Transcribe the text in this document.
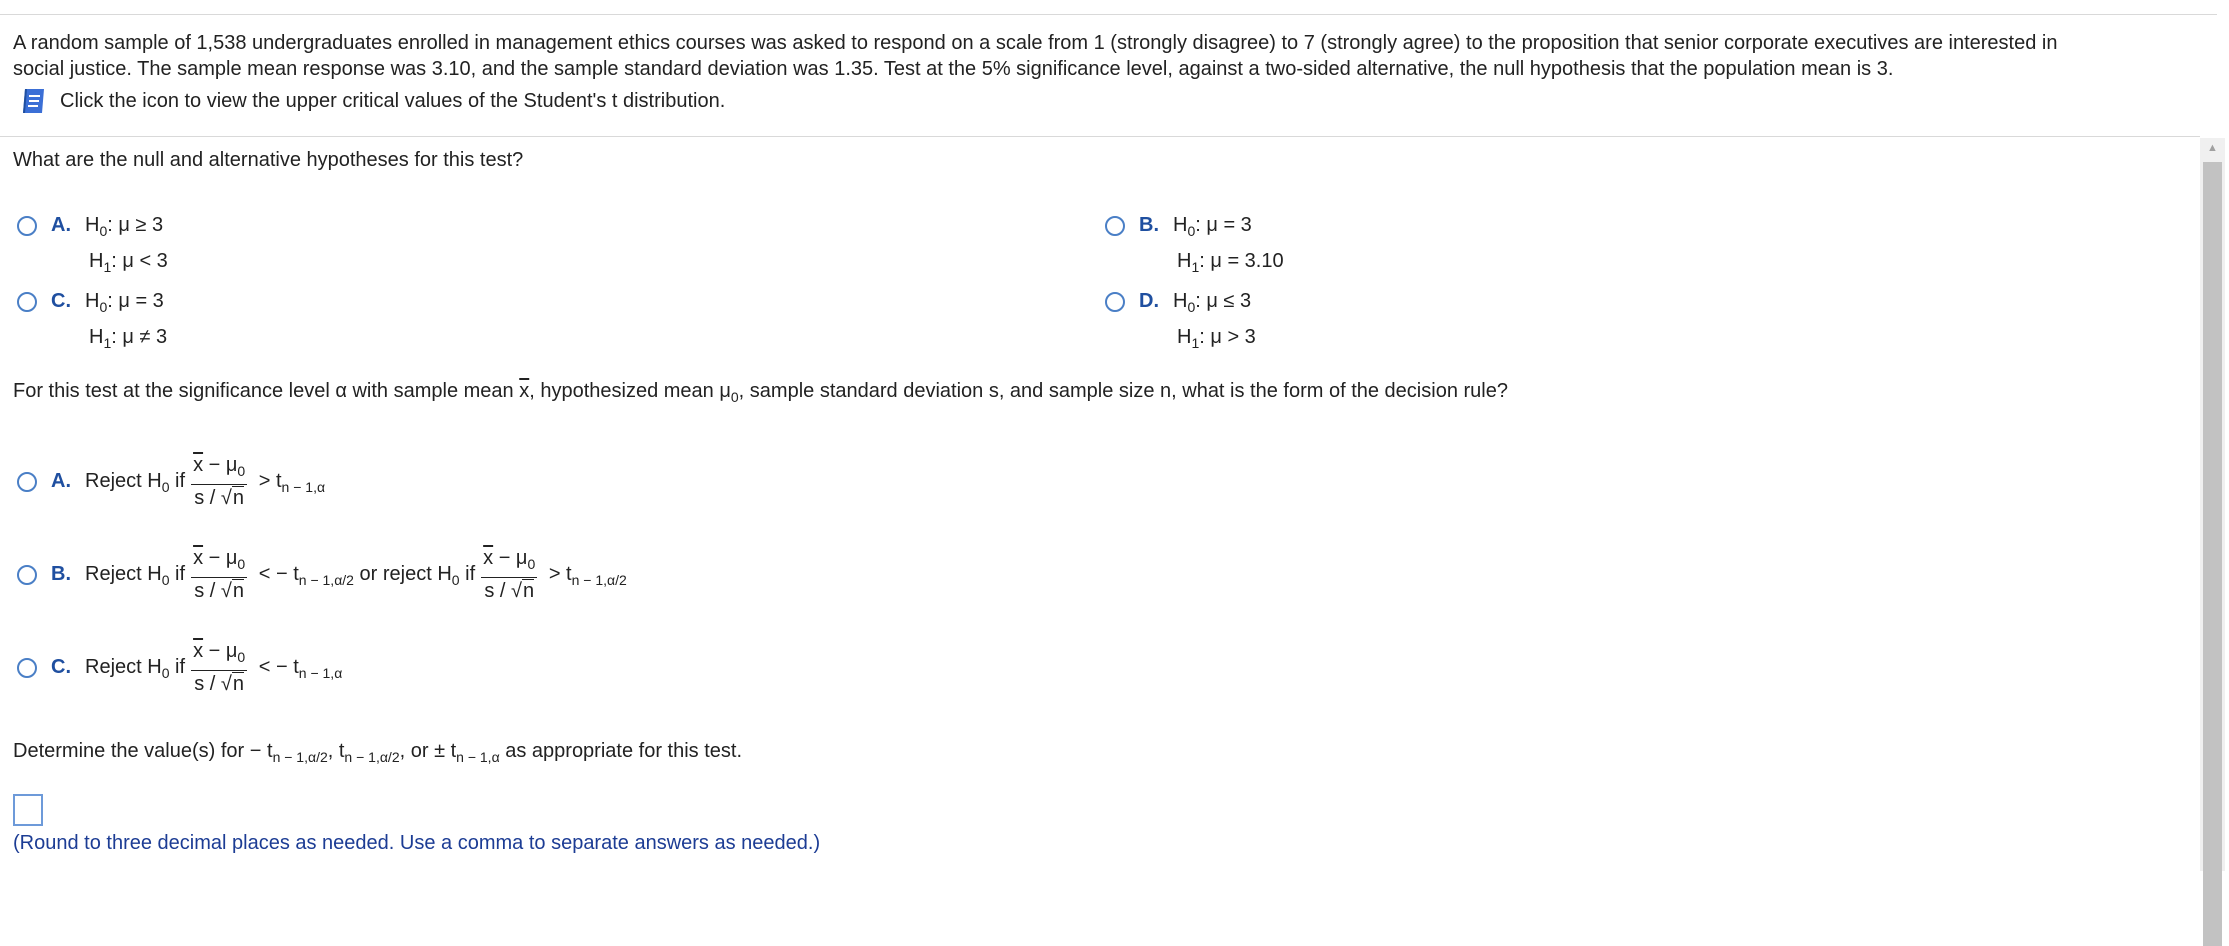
A random sample of 1,538 undergraduates enrolled in management ethics courses was asked to respond on a scale from 1 (strongly disagree) to 7 (strongly agree) to the proposition that senior corporate executives are interested in

social justice. The sample mean response was 3.10, and the sample standard deviation was 1.35. Test at the 5% significance level, against a two-sided alternative, the null hypothesis that the population mean is 3.

Click the icon to view the upper critical values of the Student's t distribution.
What are the null and alternative hypotheses for this test?
A. $H_0$: μ ≥ 3
$H_1$: μ < 3
B. $H_0$: μ = 3
$H_1$: μ = 3.10
C. $H_0$: μ = 3
$H_1$: μ ≠ 3
D. $H_0$: μ ≤ 3
$H_1$: μ > 3
For this test at the significance level α with sample mean $\overline{x}$, hypothesized mean $\mu_0$, sample standard deviation s, and sample size n, what is the form of the decision rule?
A. Reject $H_0$ if $\frac{\overline{x} - \mu_0}{s / √n} > t_{n - 1,\alpha}$
B. Reject $H_0$ if $\frac{\overline{x} - \mu_0}{s / √n}$ < − $t_{n - 1,\alpha/2}$ or reject $H_0$ if $\frac{\overline{x} - \mu_0}{s / √n} > t_{n - 1,\alpha/2}$
C. Reject $H_0$ if $\frac{\overline{x} - \mu_0}{s / √n}$ < − $t_{n - 1,\alpha}$
Determine the value(s) for − $t_{n - 1,\alpha/2}$, $t_{n - 1,\alpha/2}$, or ± $t_{n - 1,\alpha}$ as appropriate for this test.
(Round to three decimal places as needed. Use a comma to separate answers as needed.)
▲
